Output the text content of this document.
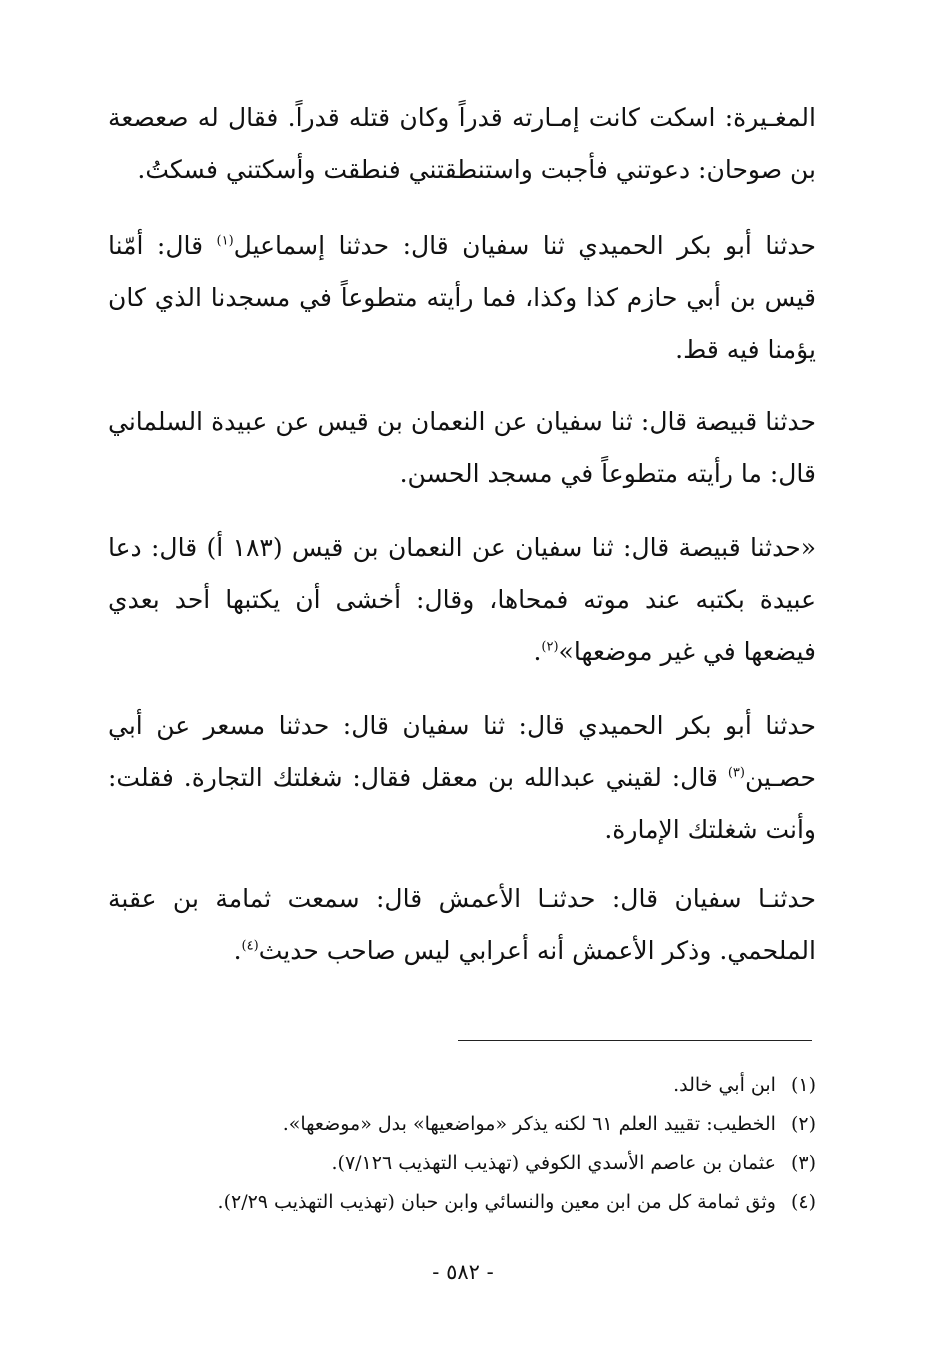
المغـيرة: اسكت كانت إمـارته قدراً وكان قتله قدراً. فقال له صعصعة بن صوحان: دعوتني فأجبت واستنطقتني فنطقت وأسكتني فسكتُ.

حدثنا أبو بكر الحميدي ثنا سفيان قال: حدثنا إسماعيل$^{(١)}$ قال: أمّنا قيس بن أبي حازم كذا وكذا، فما رأيته متطوعاً في مسجدنا الذي كان يؤمنا فيه قط.

حدثنا قبيصة قال: ثنا سفيان عن النعمان بن قيس عن عبيدة السلماني قال: ما رأيته متطوعاً في مسجد الحسن.

«حدثنا قبيصة قال: ثنا سفيان عن النعمان بن قيس (١٨٣ أ) قال: دعا عبيدة بكتبه عند موته فمحاها، وقال: أخشى أن يكتبها أحد بعدي فيضعها في غير موضعها»$^{(٢)}$.

حدثنا أبو بكر الحميدي قال: ثنا سفيان قال: حدثنا مسعر عن أبي حصـين$^{(٣)}$ قال: لقيني عبدالله بن معقل فقال: شغلتك التجارة. فقلت: وأنت شغلتك الإمارة.

حدثنـا سفيان قال: حدثنـا الأعمش قال: سمعت ثمامة بن عقبة الملحمي. وذكر الأعمش أنه أعرابي ليس صاحب حديث$^{(٤)}$.

(١) ابن أبي خالد.
(٢) الخطيب: تقييد العلم ٦١ لكنه يذكر «مواضعيها» بدل «موضعها».
(٣) عثمان بن عاصم الأسدي الكوفي (تهذيب التهذيب ٧/١٢٦).
(٤) وثق ثمامة كل من ابن معين والنسائي وابن حبان (تهذيب التهذيب ٢/٢٩).
- ٥٨٢ -
